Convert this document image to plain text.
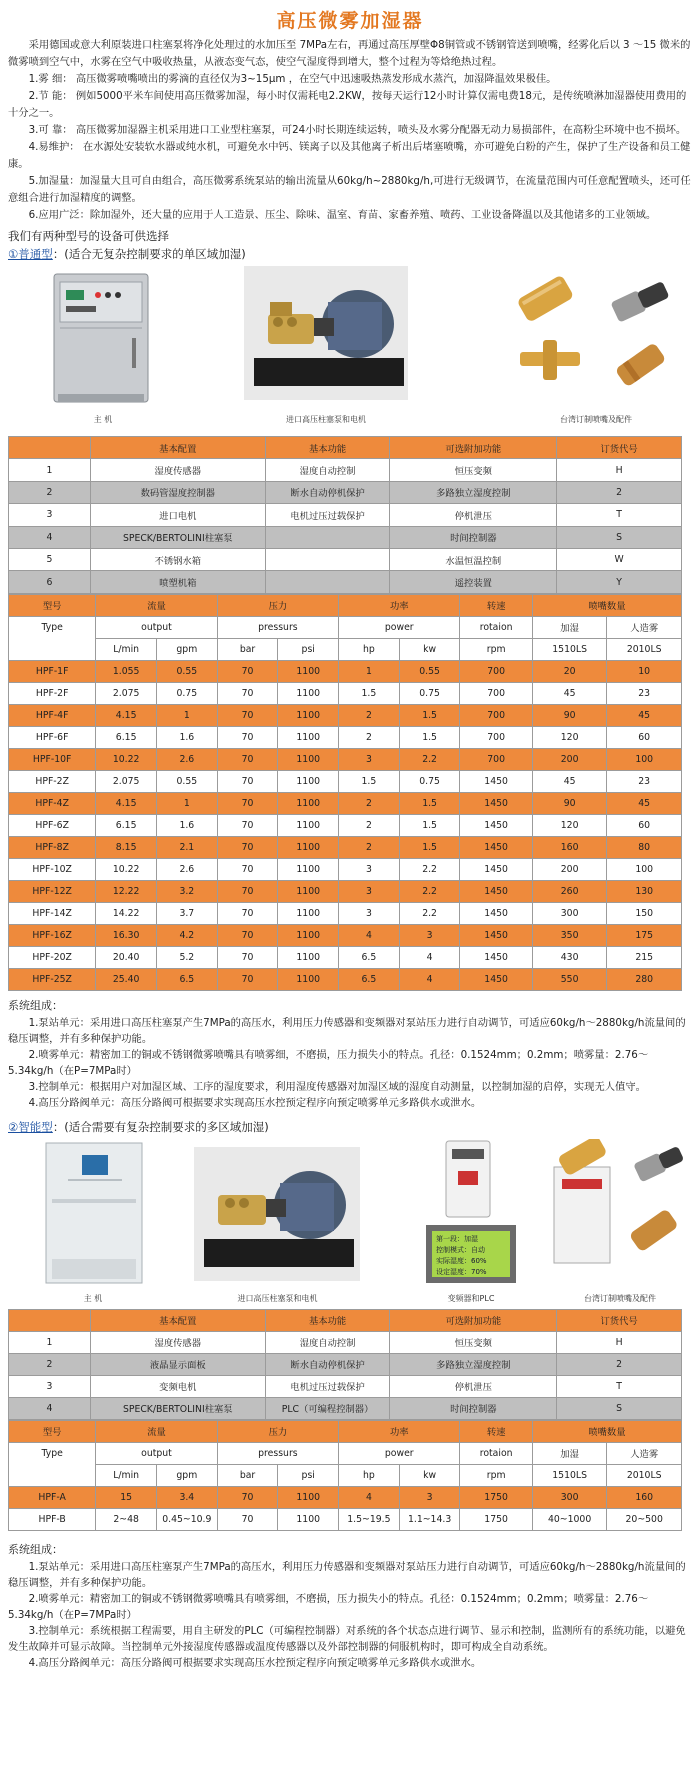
高压微雾加湿器

采用德国或意大利原装进口柱塞泵将净化处理过的水加压至 7MPa左右，再通过高压厚壁Φ8铜管或不锈钢管送到喷嘴，经雾化后以 3 ～15 微米的微雾喷到空气中，水雾在空气中吸收热量，从液态变气态，使空气湿度得到增大，整个过程为等焓绝热过程。

1.雾 细： 高压微雾喷嘴喷出的雾滴的直径仅为3~15μm ，在空气中迅速吸热蒸发形成水蒸汽，加湿降温效果极佳。

2.节 能： 例如5000平米车间使用高压微雾加湿，每小时仅需耗电2.2KW，按每天运行12小时计算仅需电费18元，是传统喷淋加湿器使用费用的十分之一。

3.可 靠： 高压微雾加湿器主机采用进口工业型柱塞泵，可24小时长期连续运转，喷头及水雾分配器无动力易损部件，在高粉尘环境中也不损坏。

4.易维护： 在水源处安装软水器或纯水机，可避免水中钙、镁离子以及其他离子析出后堵塞喷嘴，亦可避免白粉的产生，保护了生产设备和员工健康。

5.加湿量：加湿量大且可自由组合，高压微雾系统泵站的输出流量从60kg/h~2880kg/h,可进行无级调节，在流量范围内可任意配置喷头，还可任意组合进行加湿精度的调整。

6.应用广泛：除加湿外，还大量的应用于人工造景、压尘、除味、温室、育苗、家畜养殖、喷药、工业设备降温以及其他诸多的工业领域。

我们有两种型号的设备可供选择
①普通型：(适合无复杂控制要求的单区域加湿)
主 机	进口高压柱塞泵和电机	台湾订制喷嘴及配件
	基本配置	基本功能	可选附加功能	订货代号
1	湿度传感器	湿度自动控制	恒压变频	H
2	数码管湿度控制器	断水自动停机保护	多路独立湿度控制	2
3	进口电机	电机过压过载保护	停机泄压	T
4	SPECK/BERTOLINI柱塞泵		时间控制器	S
5	不锈钢水箱		水温恒温控制	W
6	喷塑机箱		遥控装置	Y
型号	流量		压力		功率		转速	喷嘴数量	
Type	output		pressurs		power		rotaion	加湿	人造雾
	L/min	gpm	bar	psi	hp	kw	rpm	1510LS	2010LS
HPF-1F	1.055	0.55	70	1100	1	0.55	700	20	10
HPF-2F	2.075	0.75	70	1100	1.5	0.75	700	45	23
HPF-4F	4.15	1	70	1100	2	1.5	700	90	45
HPF-6F	6.15	1.6	70	1100	2	1.5	700	120	60
HPF-10F	10.22	2.6	70	1100	3	2.2	700	200	100
HPF-2Z	2.075	0.55	70	1100	1.5	0.75	1450	45	23
HPF-4Z	4.15	1	70	1100	2	1.5	1450	90	45
HPF-6Z	6.15	1.6	70	1100	2	1.5	1450	120	60
HPF-8Z	8.15	2.1	70	1100	2	1.5	1450	160	80
HPF-10Z	10.22	2.6	70	1100	3	2.2	1450	200	100
HPF-12Z	12.22	3.2	70	1100	3	2.2	1450	260	130
HPF-14Z	14.22	3.7	70	1100	3	2.2	1450	300	150
HPF-16Z	16.30	4.2	70	1100	4	3	1450	350	175
HPF-20Z	20.40	5.2	70	1100	6.5	4	1450	430	215
HPF-25Z	25.40	6.5	70	1100	6.5	4	1450	550	280
系统组成：

1.泵站单元：采用进口高压柱塞泵产生7MPa的高压水，利用压力传感器和变频器对泵站压力进行自动调节，可适应60kg/h～2880kg/h流量间的稳压调整，并有多种保护功能。

2.喷雾单元：精密加工的铜或不锈钢微雾喷嘴具有喷雾细，不磨损，压力损失小的特点。孔径：0.1524mm；0.2mm；喷雾量：2.76～5.34kg/h（在P=7MPa时）

3.控制单元：根据用户对加湿区域、工序的湿度要求，利用湿度传感器对加湿区域的湿度自动测量，以控制加湿的启停，实现无人值守。

4.高压分路阀单元：高压分路阀可根据要求实现高压水控预定程序向预定喷雾单元多路供水或泄水。

②智能型：(适合需要有复杂控制要求的多区域加湿)
主 机	进口高压柱塞泵和电机
第一段：加湿
控制模式：自动
实际湿度：60%
设定湿度：70%
变频器和PLC	台湾订制喷嘴及配件
	基本配置	基本功能	可选附加功能	订货代号
1	湿度传感器	湿度自动控制	恒压变频	H
2	液晶显示面板	断水自动停机保护	多路独立湿度控制	2
3	变频电机	电机过压过载保护	停机泄压	T
4	SPECK/BERTOLINI柱塞泵	PLC（可编程控制器）	时间控制器	S
型号	流量		压力		功率		转速	喷嘴数量	
Type	output		pressurs		power		rotaion	加湿	人造雾
	L/min	gpm	bar	psi	hp	kw	rpm	1510LS	2010LS
HPF-A	15	3.4	70	1100	4	3	1750	300	160
HPF-B	2~48	0.45~10.9	70	1100	1.5~19.5	1.1~14.3	1750	40~1000	20~500
系统组成：

1.泵站单元：采用进口高压柱塞泵产生7MPa的高压水，利用压力传感器和变频器对泵站压力进行自动调节，可适应60kg/h～2880kg/h流量间的稳压调整，并有多种保护功能。

2.喷雾单元：精密加工的铜或不锈钢微雾喷嘴具有喷雾细，不磨损，压力损失小的特点。孔径：0.1524mm；0.2mm；喷雾量：2.76～5.34kg/h（在P=7MPa时）

3.控制单元：系统根据工程需要，用自主研发的PLC（可编程控制器）对系统的各个状态点进行调节、显示和控制，监测所有的系统功能，以避免发生故障并可显示故障。当控制单元外接湿度传感器或温度传感器以及外部控制器的伺服机构时，即可构成全自动系统。

4.高压分路阀单元：高压分路阀可根据要求实现高压水控预定程序向预定喷雾单元多路供水或泄水。
